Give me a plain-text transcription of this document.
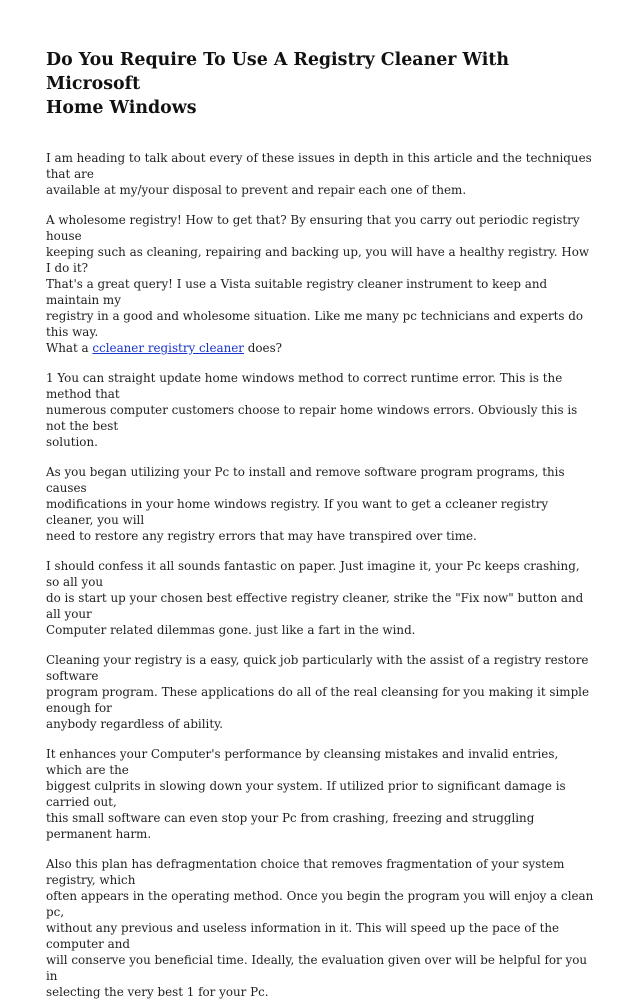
Do You Require To Use A Registry Cleaner With Microsoft
Home Windows

I am heading to talk about every of these issues in depth in this article and the techniques that are
available at my/your disposal to prevent and repair each one of them.

A wholesome registry! How to get that? By ensuring that you carry out periodic registry house
keeping such as cleaning, repairing and backing up, you will have a healthy registry. How I do it?
That's a great query! I use a Vista suitable registry cleaner instrument to keep and maintain my
registry in a good and wholesome situation. Like me many pc technicians and experts do this way.
What a ccleaner registry cleaner does?

1 You can straight update home windows method to correct runtime error. This is the method that
numerous computer customers choose to repair home windows errors. Obviously this is not the best
solution.

As you began utilizing your Pc to install and remove software program programs, this causes
modifications in your home windows registry. If you want to get a ccleaner registry cleaner, you will
need to restore any registry errors that may have transpired over time.

I should confess it all sounds fantastic on paper. Just imagine it, your Pc keeps crashing, so all you
do is start up your chosen best effective registry cleaner, strike the "Fix now" button and all your
Computer related dilemmas gone. just like a fart in the wind.

Cleaning your registry is a easy, quick job particularly with the assist of a registry restore software
program program. These applications do all of the real cleansing for you making it simple enough for
anybody regardless of ability.

It enhances your Computer's performance by cleansing mistakes and invalid entries, which are the
biggest culprits in slowing down your system. If utilized prior to significant damage is carried out,
this small software can even stop your Pc from crashing, freezing and struggling permanent harm.

Also this plan has defragmentation choice that removes fragmentation of your system registry, which
often appears in the operating method. Once you begin the program you will enjoy a clean pc,
without any previous and useless information in it. This will speed up the pace of the computer and
will conserve you beneficial time. Ideally, the evaluation given over will be helpful for you in
selecting the very best 1 for your Pc.
